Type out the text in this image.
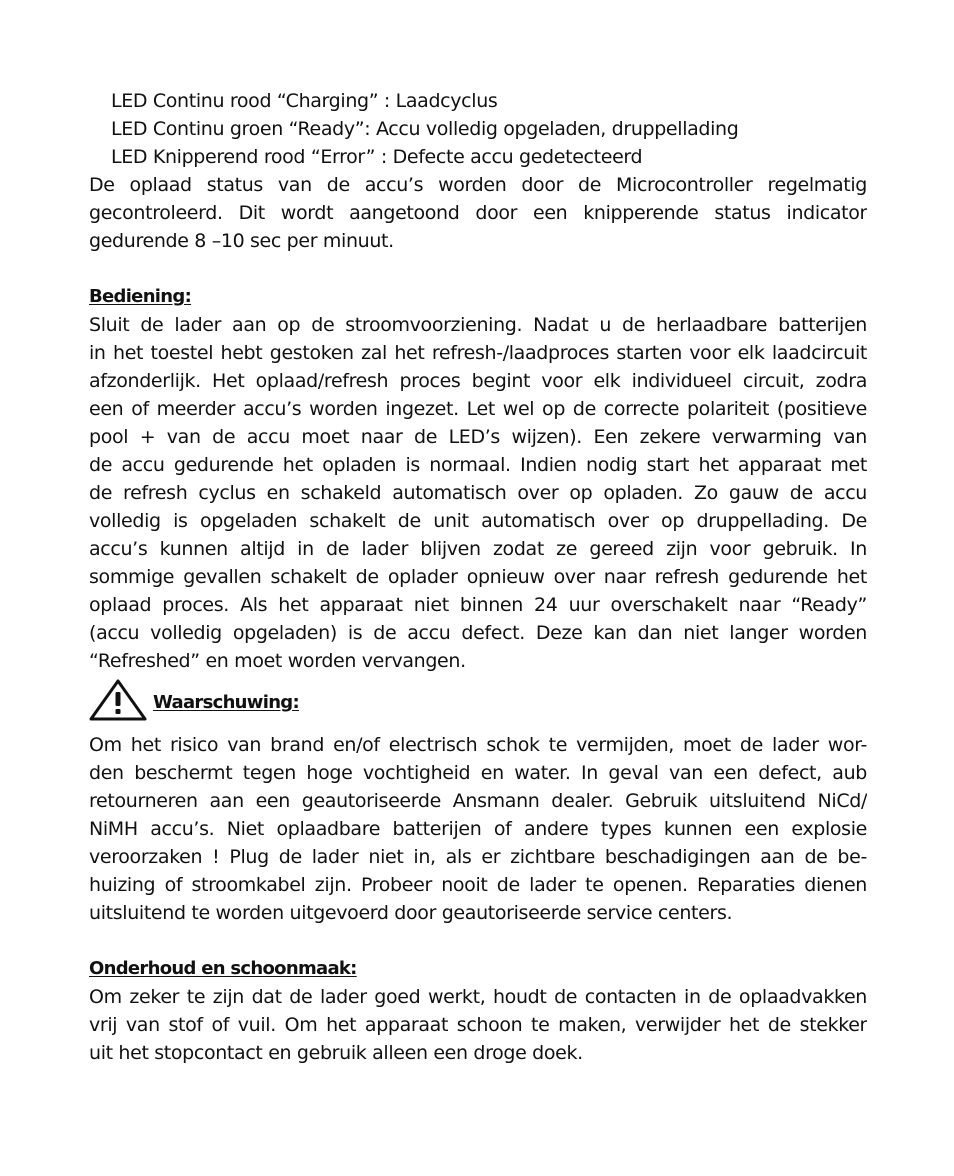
LED Continu rood “Charging” : Laadcyclus
LED Continu groen “Ready”: Accu volledig opgeladen, druppellading
LED Knipperend rood “Error” : Defecte accu gedetecteerd
De oplaad status van de accu’s worden door de Microcontroller regelmatig
gecontroleerd. Dit wordt aangetoond door een knipperende status indicator
gedurende 8 –10 sec per minuut.
Bediening:
Sluit de lader aan op de stroomvoorziening. Nadat u de herlaadbare batterijen
in het toestel hebt gestoken zal het refresh-/laadproces starten voor elk laadcircuit
afzonderlijk. Het oplaad/refresh proces begint voor elk individueel circuit, zodra
een of meerder accu’s worden ingezet. Let wel op de correcte polariteit (positieve
pool + van de accu moet naar de LED’s wijzen). Een zekere verwarming van
de accu gedurende het opladen is normaal. Indien nodig start het apparaat met
de refresh cyclus en schakeld automatisch over op opladen. Zo gauw de accu
volledig is opgeladen schakelt de unit automatisch over op druppellading. De
accu’s kunnen altijd in de lader blijven zodat ze gereed zijn voor gebruik. In
sommige gevallen schakelt de oplader opnieuw over naar refresh gedurende het
oplaad proces. Als het apparaat niet binnen 24 uur overschakelt naar “Ready”
(accu volledig opgeladen) is de accu defect. Deze kan dan niet langer worden
“Refreshed” en moet worden vervangen.
Waarschuwing:
Om het risico van brand en/of electrisch schok te vermijden, moet de lader wor-
den beschermt tegen hoge vochtigheid en water. In geval van een defect, aub
retourneren aan een geautoriseerde Ansmann dealer. Gebruik uitsluitend NiCd/
NiMH accu’s. Niet oplaadbare batterijen of andere types kunnen een explosie
veroorzaken ! Plug de lader niet in, als er zichtbare beschadigingen aan de be-
huizing of stroomkabel zijn. Probeer nooit de lader te openen. Reparaties dienen
uitsluitend te worden uitgevoerd door geautoriseerde service centers.
Onderhoud en schoonmaak:
Om zeker te zijn dat de lader goed werkt, houdt de contacten in de oplaadvakken
vrij van stof of vuil. Om het apparaat schoon te maken, verwijder het de stekker
uit het stopcontact en gebruik alleen een droge doek.
